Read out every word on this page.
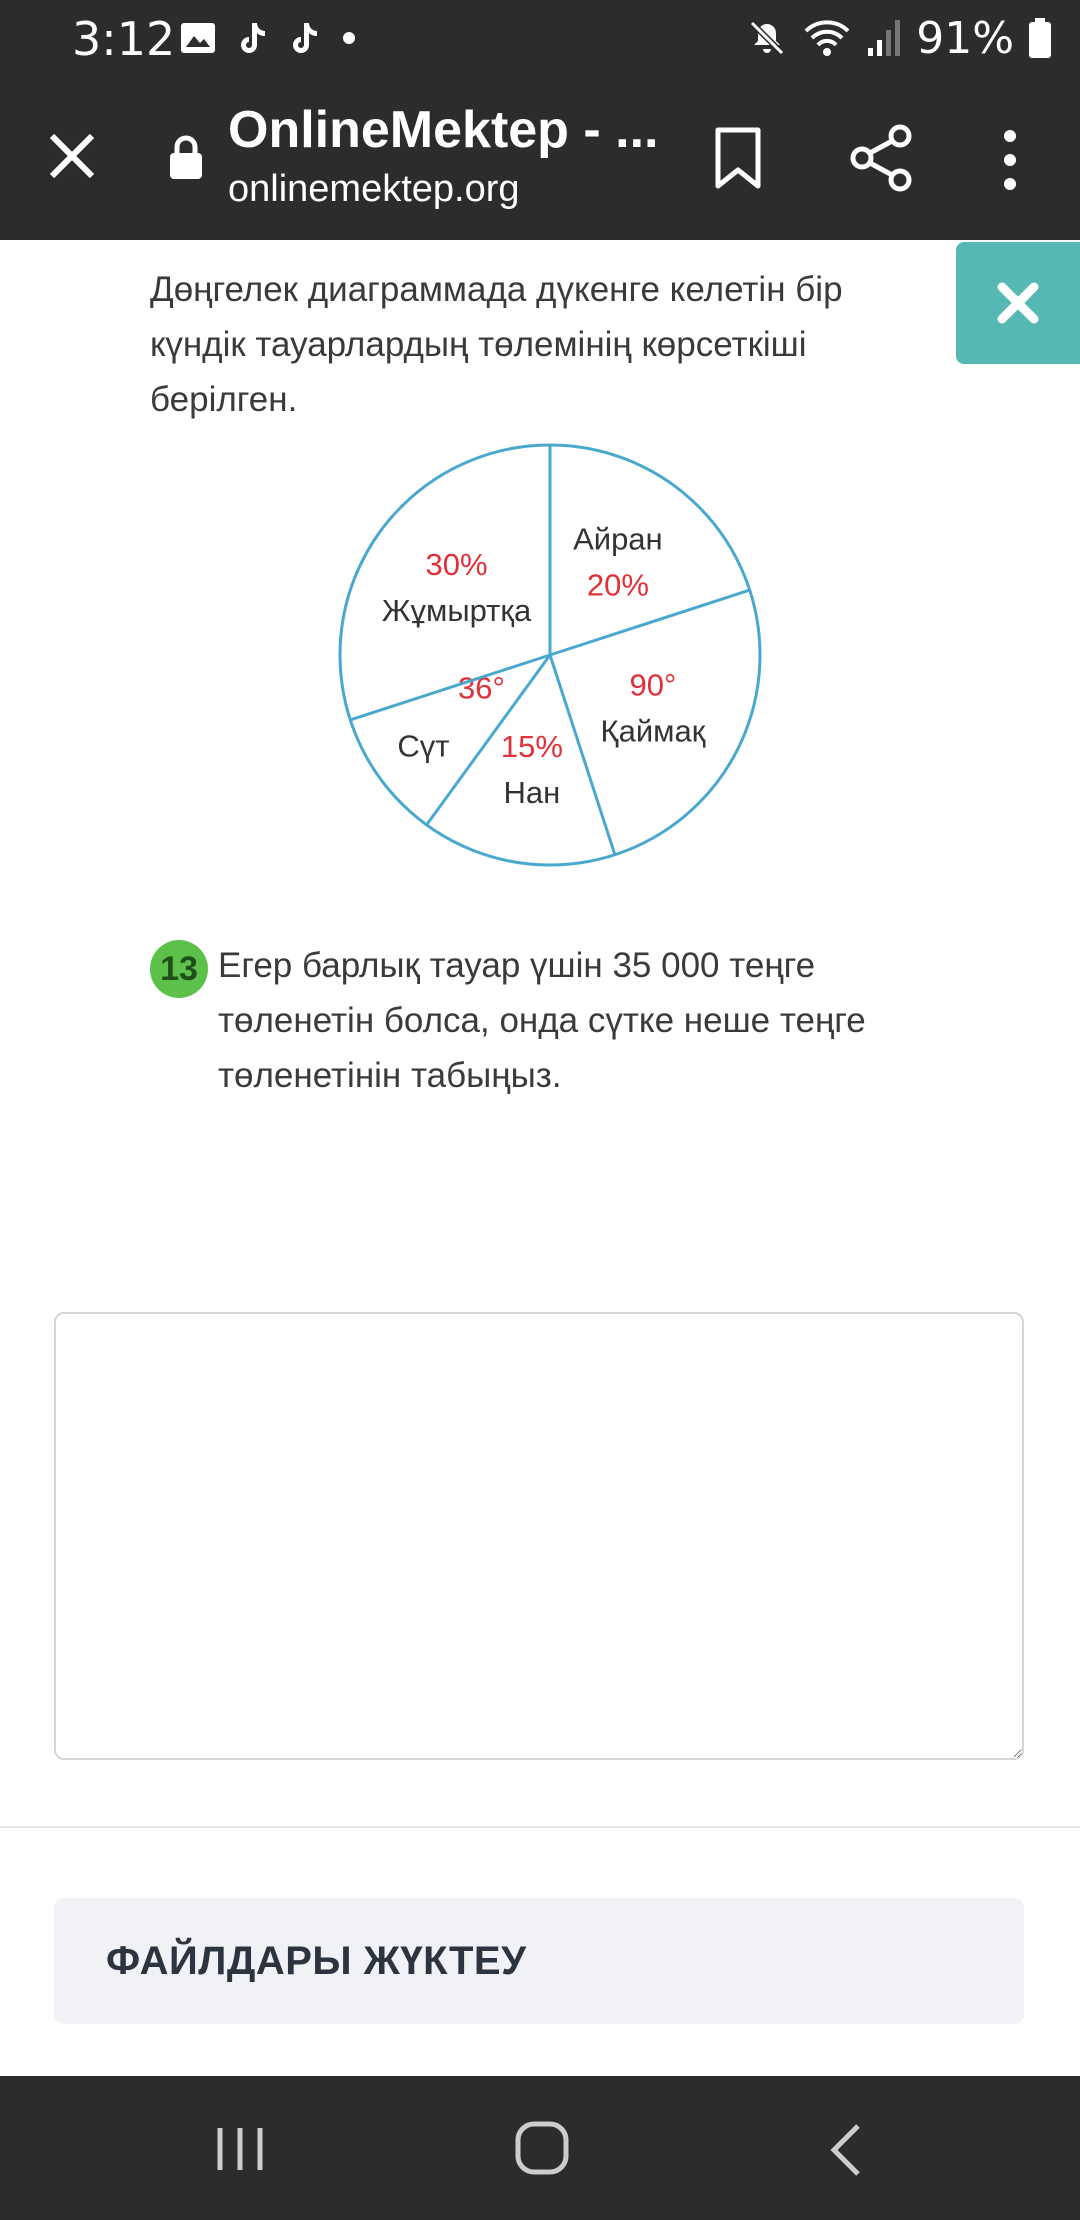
3:12	91%
OnlineMektep - ...
onlinemektep.org
Дөңгелек диаграммада дүкенге келетін бір
күндік тауарлардың төлемінің көрсеткіші
берілген.
20%
Айран
90°
Қаймақ
15%
Нан
36°
Сүт
30%
Жұмыртқа
13 Егер барлық тауар үшін 35 000 теңге
төленетін болса, онда сүтке неше теңге
төленетінін табыңыз.
ФАЙЛДАРЫ ЖҮКТЕУ
